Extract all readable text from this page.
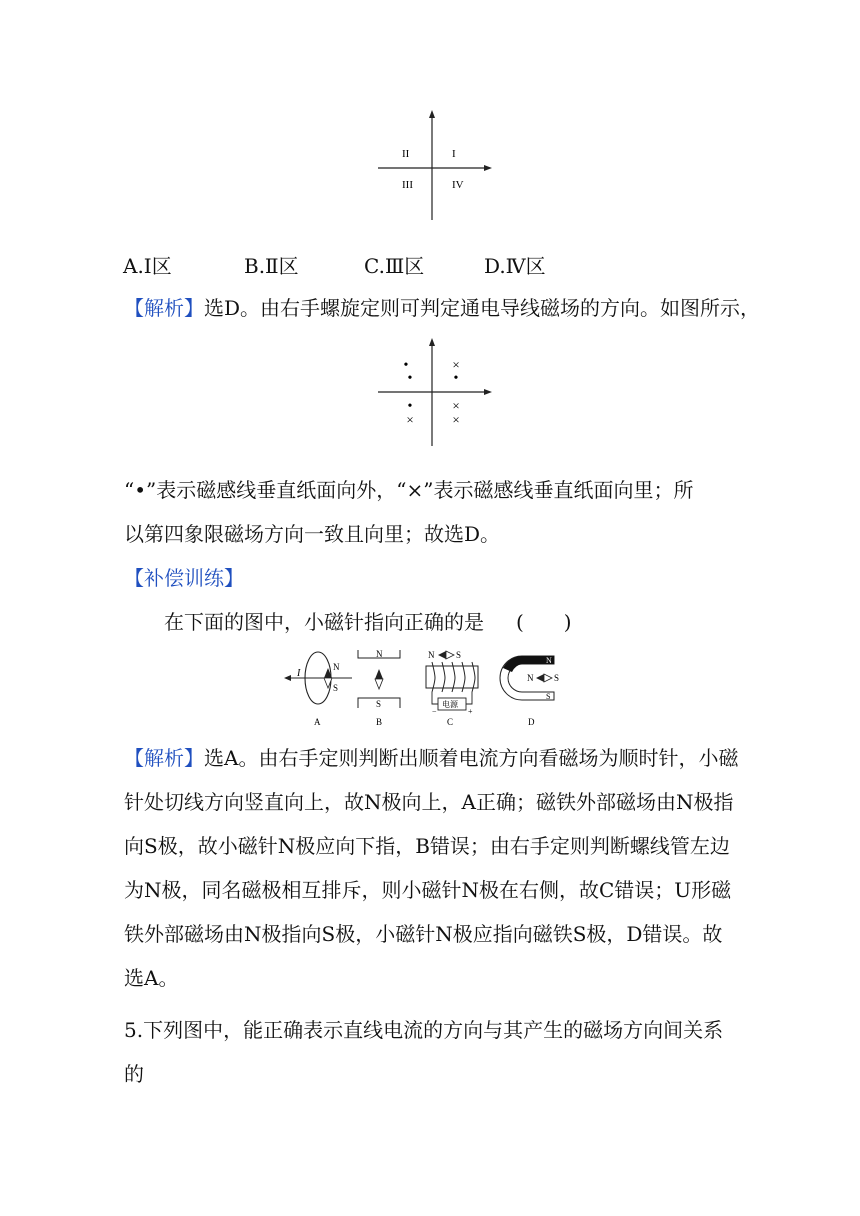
II	I
III	IV
A.Ⅰ区	B.Ⅱ区	C.Ⅲ区	D.Ⅳ区
【解析】选D。由右手螺旋定则可判定通电导线磁场的方向。如图所示，
•	×
•	•
•	×
×	×
“•”表示磁感线垂直纸面向外，“×”表示磁感线垂直纸面向里；所
以第四象限磁场方向一致且向里；故选D。
【补偿训练】
在下面的图中，小磁针指向正确的是 (　　)
I
N
S
A
N
S
B
N S
电源
−	+
C
N
S
N S
D
【解析】选A。由右手定则判断出顺着电流方向看磁场为顺时针，小磁
针处切线方向竖直向上，故N极向上，A正确；磁铁外部磁场由N极指
向S极，故小磁针N极应向下指，B错误；由右手定则判断螺线管左边
为N极，同名磁极相互排斥，则小磁针N极在右侧，故C错误；U形磁
铁外部磁场由N极指向S极，小磁针N极应指向磁铁S极，D错误。故
选A。
5.下列图中，能正确表示直线电流的方向与其产生的磁场方向间关系
的
